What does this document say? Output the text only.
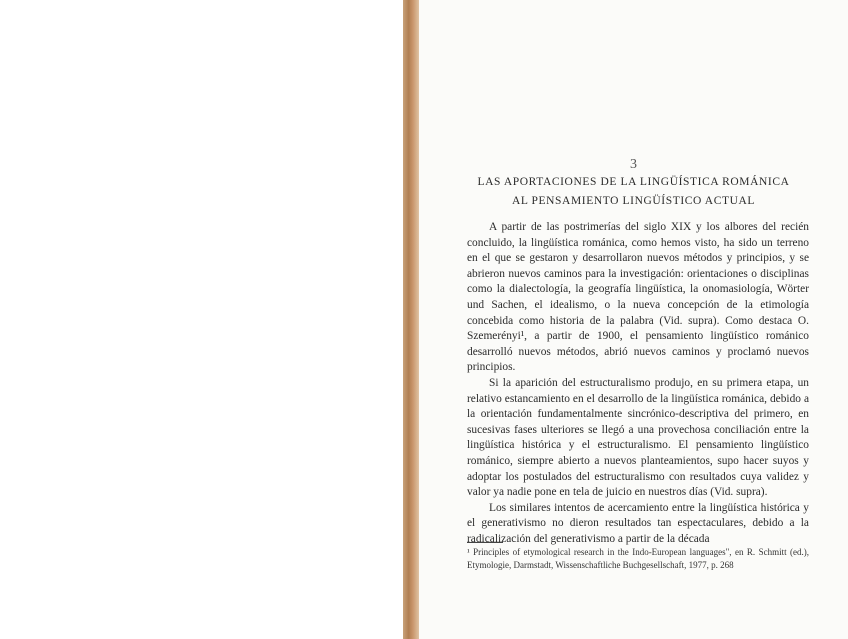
3
LAS APORTACIONES DE LA LINGÜÍSTICA ROMÁNICA
AL PENSAMIENTO LINGÜÍSTICO ACTUAL

A partir de las postrimerías del siglo XIX y los albores del recién concluido, la lingüística románica, como hemos visto, ha sido un terreno en el que se gestaron y desarrollaron nuevos métodos y principios, y se abrieron nuevos caminos para la investigación: orientaciones o disciplinas como la dialectología, la geografía lingüística, la onomasiología, Wörter und Sachen, el idealismo, o la nueva concepción de la etimología concebida como historia de la palabra (Vid. supra). Como destaca O. Szemerényi¹, a partir de 1900, el pensamiento lingüístico románico desarrolló nuevos métodos, abrió nuevos caminos y proclamó nuevos principios.

Si la aparición del estructuralismo produjo, en su primera etapa, un relativo estancamiento en el desarrollo de la lingüística románica, debido a la orientación fundamentalmente sincrónico-descriptiva del primero, en sucesivas fases ulteriores se llegó a una provechosa conciliación entre la lingüística histórica y el estructuralismo. El pensamiento lingüístico románico, siempre abierto a nuevos planteamientos, supo hacer suyos y adoptar los postulados del estructuralismo con resultados cuya validez y valor ya nadie pone en tela de juicio en nuestros días (Vid. supra).

Los similares intentos de acercamiento entre la lingüística histórica y el generativismo no dieron resultados tan espectaculares, debido a la radicalización del generativismo a partir de la década

¹ Principles of etymological research in the Indo-European languages", en R. Schmitt (ed.), Etymologie, Darmstadt, Wissenschaftliche Buchgesellschaft, 1977, p. 268
